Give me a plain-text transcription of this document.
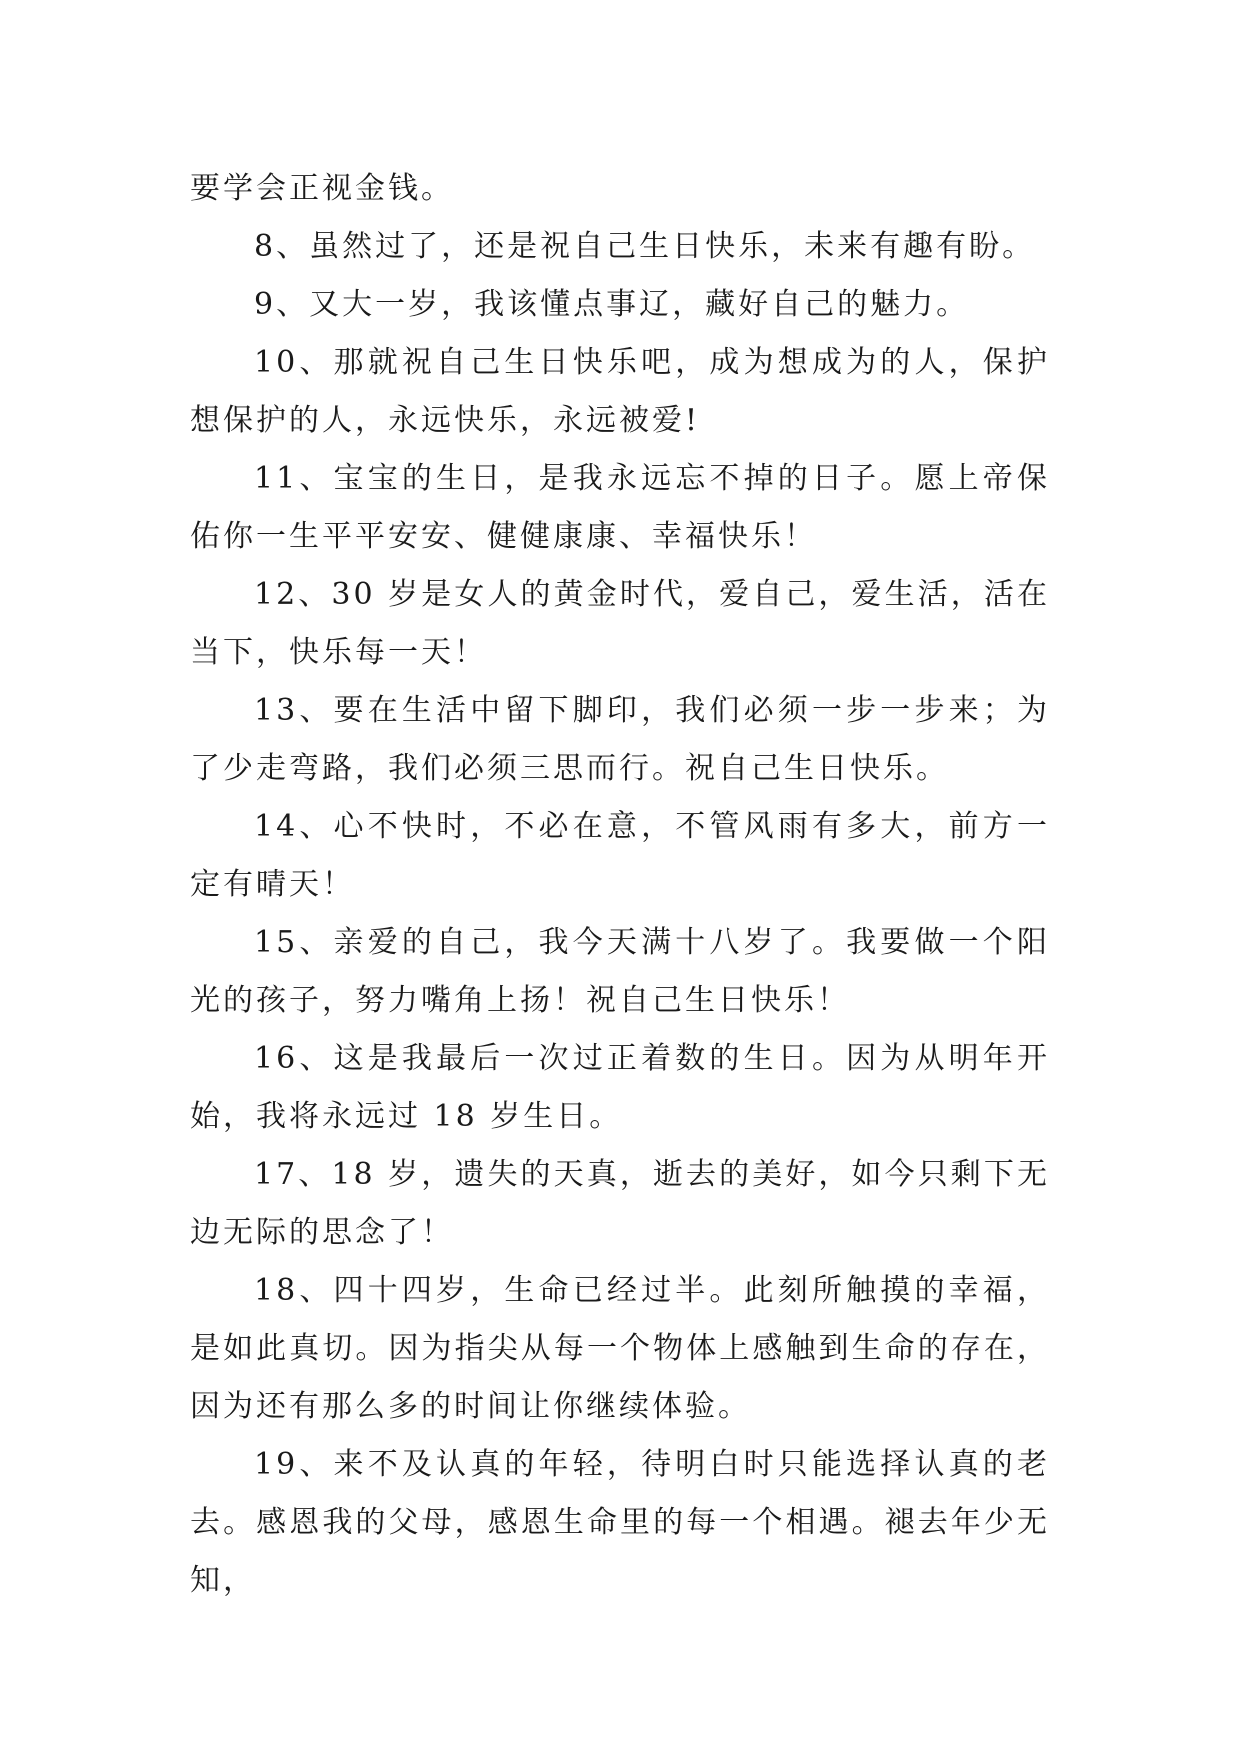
要学会正视金钱。

8、虽然过了，还是祝自己生日快乐，未来有趣有盼。

9、又大一岁，我该懂点事辽，藏好自己的魅力。

10、那就祝自己生日快乐吧，成为想成为的人，保护想保护的人，永远快乐，永远被爱!

11、宝宝的生日，是我永远忘不掉的日子。愿上帝保佑你一生平平安安、健健康康、幸福快乐！

12、30 岁是女人的黄金时代，爱自己，爱生活，活在当下，快乐每一天！

13、要在生活中留下脚印，我们必须一步一步来；为了少走弯路，我们必须三思而行。祝自己生日快乐。

14、心不快时，不必在意，不管风雨有多大，前方一定有晴天！

15、亲爱的自己，我今天满十八岁了。我要做一个阳光的孩子，努力嘴角上扬！祝自己生日快乐！

16、这是我最后一次过正着数的生日。因为从明年开始，我将永远过 18 岁生日。

17、18 岁，遗失的天真，逝去的美好，如今只剩下无边无际的思念了！

18、四十四岁，生命已经过半。此刻所触摸的幸福，是如此真切。因为指尖从每一个物体上感触到生命的存在，因为还有那么多的时间让你继续体验。

19、来不及认真的年轻，待明白时只能选择认真的老去。感恩我的父母，感恩生命里的每一个相遇。褪去年少无知，
